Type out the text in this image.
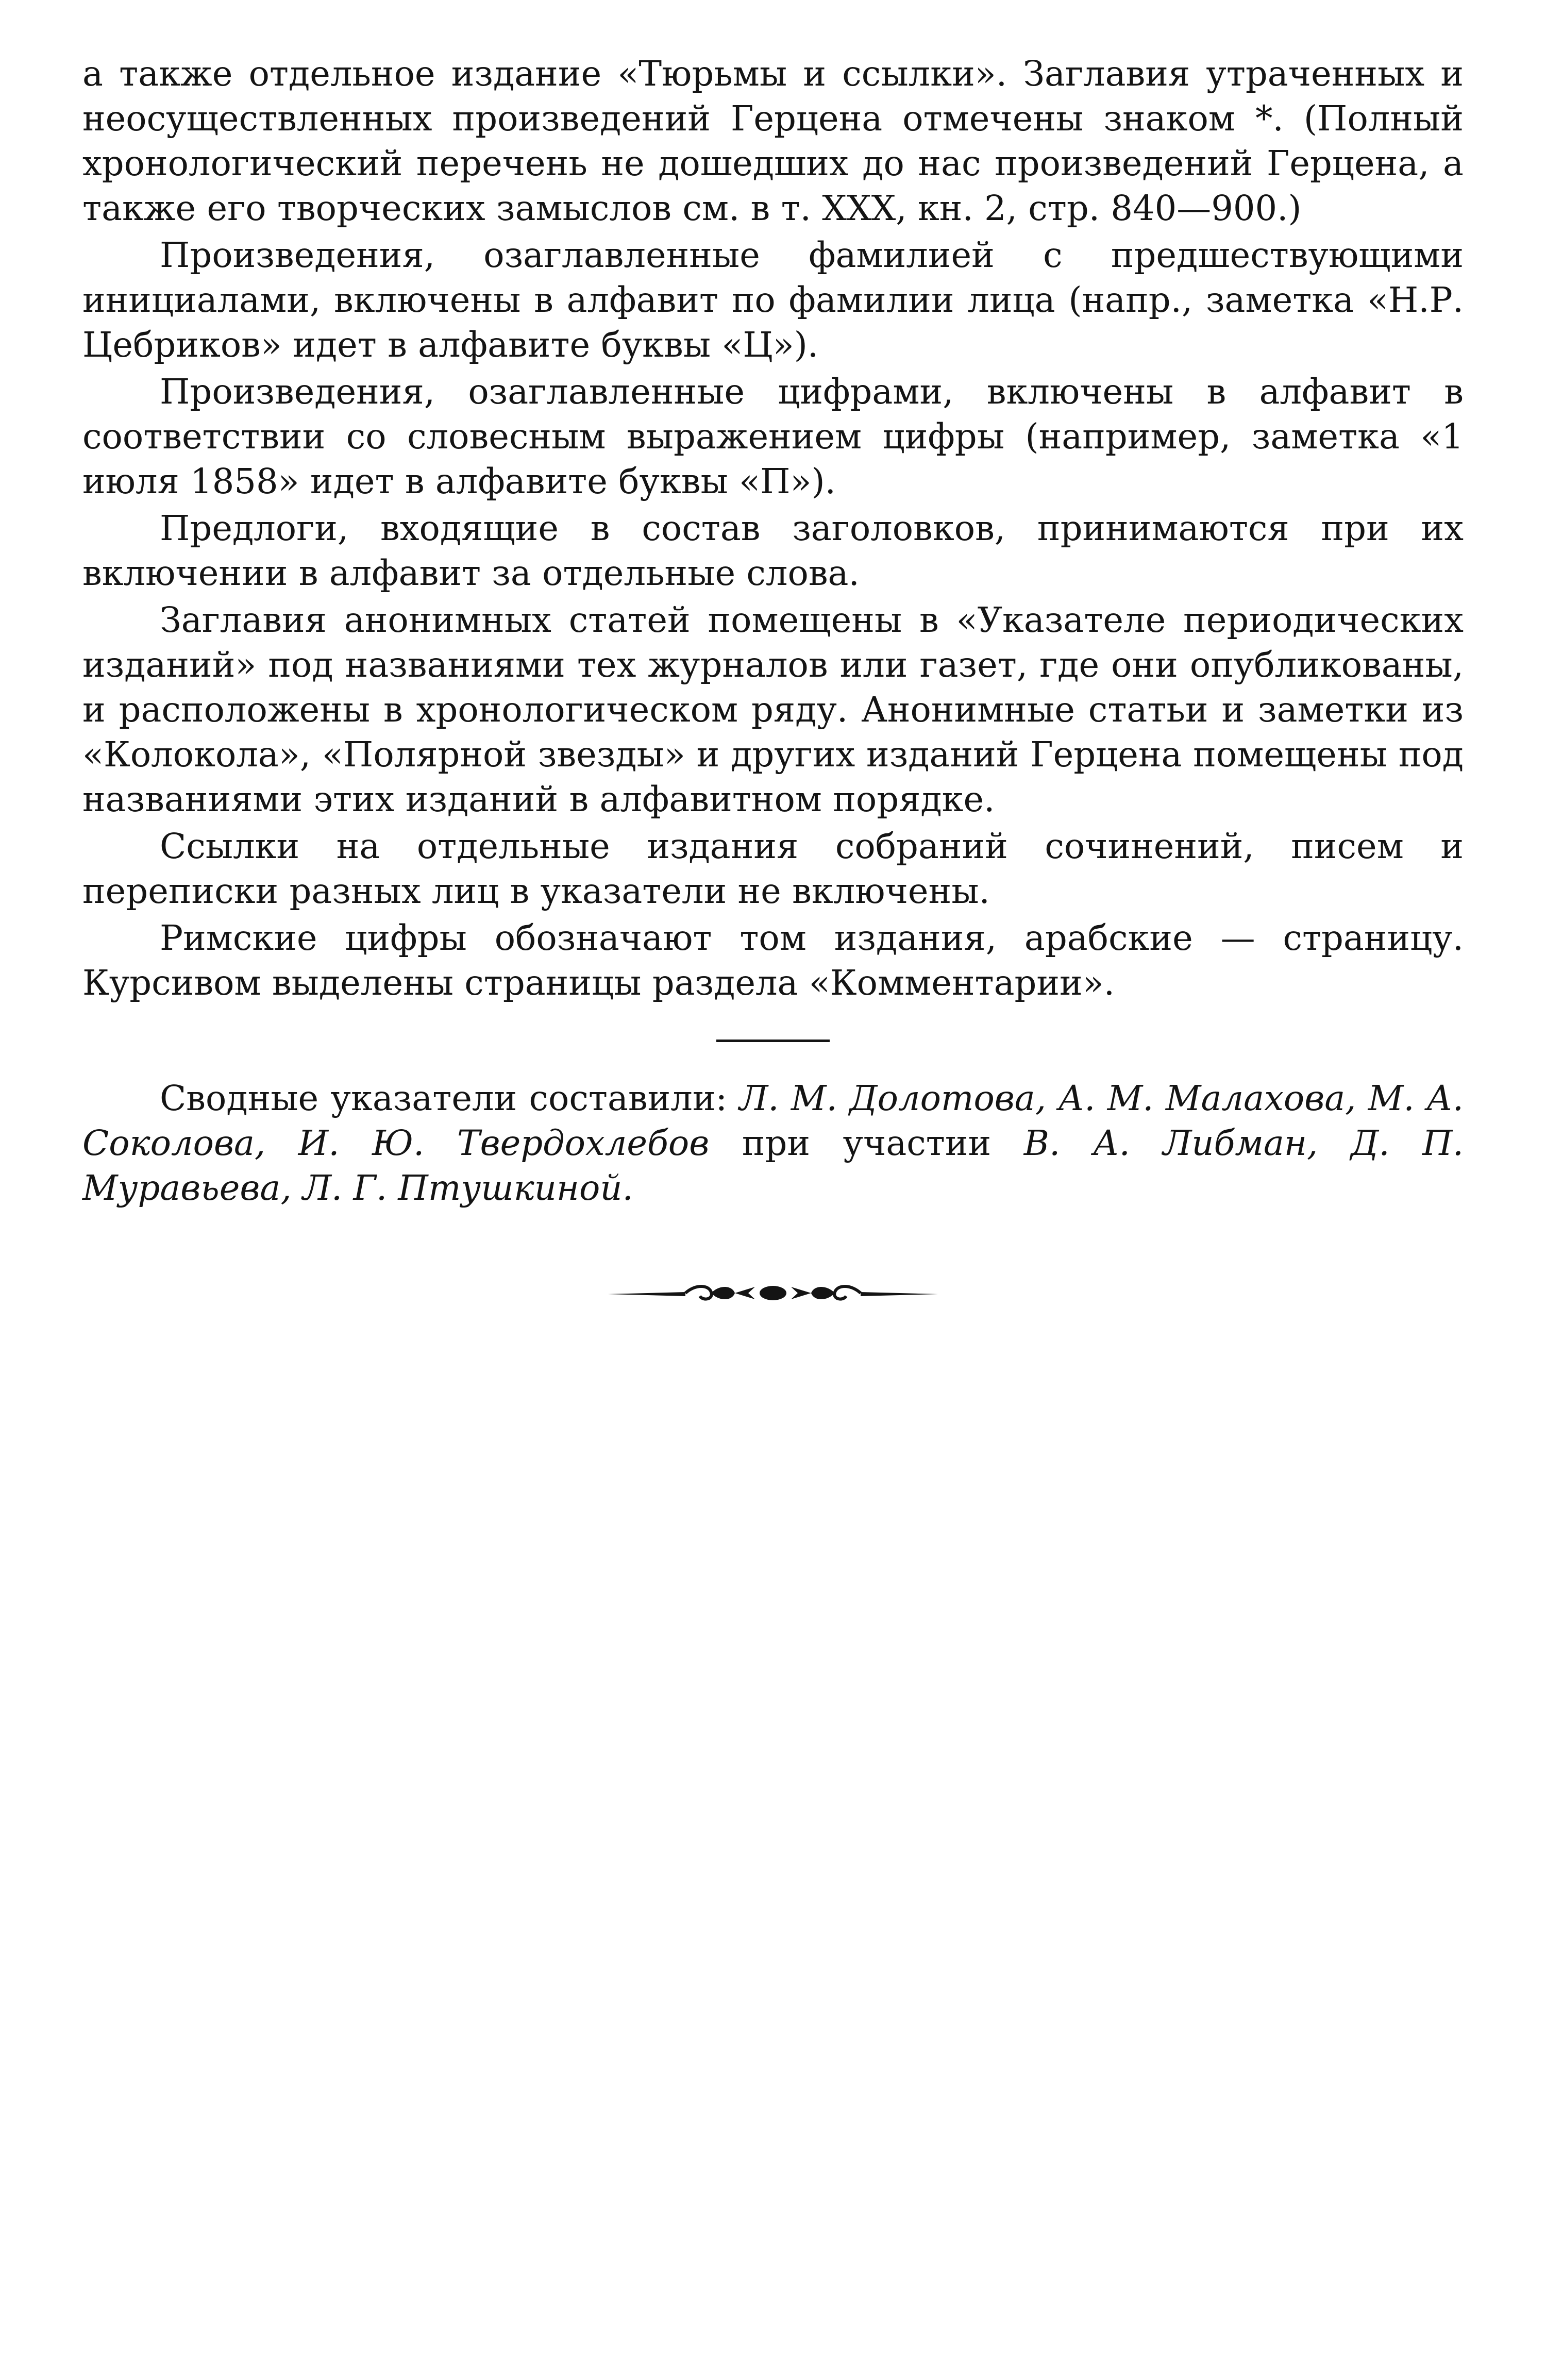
а также отдельное издание «Тюрьмы и ссылки». Заглавия утраченных и неосуществленных произведений Герцена отмечены знаком *. (Полный хронологический перечень не дошедших до нас произведений Герцена, а также его творческих замыслов см. в т. XXX, кн. 2, стр. 840—900.)

Произведения, озаглавленные фамилией с предшествующими инициалами, включены в алфавит по фамилии лица (напр., заметка «Н.Р. Цебриков» идет в алфавите буквы «Ц»).

Произведения, озаглавленные цифрами, включены в алфавит в соответствии со словесным выражением цифры (например, заметка «1 июля 1858» идет в алфавите буквы «П»).

Предлоги, входящие в состав заголовков, принимаются при их включении в алфавит за отдельные слова.

Заглавия анонимных статей помещены в «Указателе периодических изданий» под названиями тех журналов или газет, где они опубликованы, и расположены в хронологическом ряду. Анонимные статьи и заметки из «Колокола», «Полярной звезды» и других изданий Герцена помещены под названиями этих изданий в алфавитном порядке.

Ссылки на отдельные издания собраний сочинений, писем и переписки разных лиц в указатели не включены.

Римские цифры обозначают том издания, арабские — страницу. Курсивом выделены страницы раздела «Комментарии».

Сводные указатели составили: Л. М. Долотова, А. М. Малахова, М. А. Соколова, И. Ю. Твердохлебов при участии В. А. Либман, Д. П. Муравьева, Л. Г. Птушкиной.
